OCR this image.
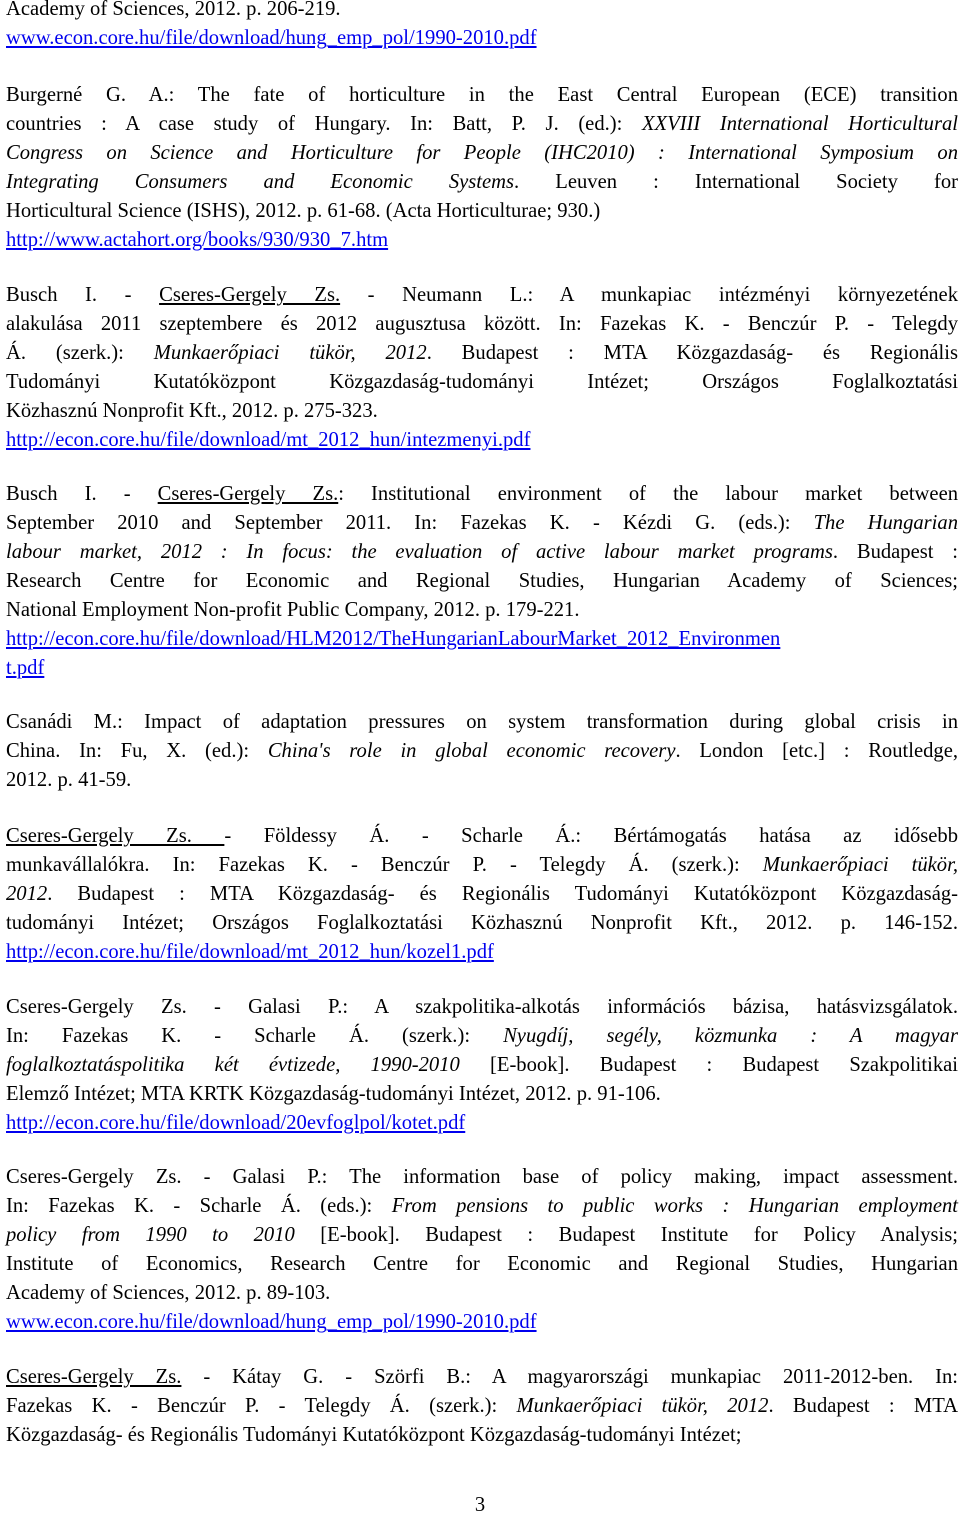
Academy of Sciences, 2012. p. 206-219.
www.econ.core.hu/file/download/hung_emp_pol/1990-2010.pdf
Burgerné G. A.: The fate of horticulture in the East Central European (ECE) transition
countries : A case study of Hungary. In: Batt, P. J. (ed.): XXVIII International Horticultural
Congress on Science and Horticulture for People (IHC2010) : International Symposium on
Integrating Consumers and Economic Systems. Leuven : International Society for
Horticultural Science (ISHS), 2012. p. 61-68. (Acta Horticulturae; 930.)
http://www.actahort.org/books/930/930_7.htm
Busch I. - Cseres-Gergely Zs. - Neumann L.: A munkapiac intézményi környezetének
alakulása 2011 szeptembere és 2012 augusztusa között. In: Fazekas K. - Benczúr P. - Telegdy
Á. (szerk.): Munkaerőpiaci tükör, 2012. Budapest : MTA Közgazdaság- és Regionális
Tudományi Kutatóközpont Közgazdaság-tudományi Intézet; Országos Foglalkoztatási
Közhasznú Nonprofit Kft., 2012. p. 275-323.
http://econ.core.hu/file/download/mt_2012_hun/intezmenyi.pdf
Busch I. - Cseres-Gergely Zs.: Institutional environment of the labour market between
September 2010 and September 2011. In: Fazekas K. - Kézdi G. (eds.): The Hungarian
labour market, 2012 : In focus: the evaluation of active labour market programs. Budapest :
Research Centre for Economic and Regional Studies, Hungarian Academy of Sciences;
National Employment Non-profit Public Company, 2012. p. 179-221.
http://econ.core.hu/file/download/HLM2012/TheHungarianLabourMarket_2012_Environmen
t.pdf
Csanádi M.: Impact of adaptation pressures on system transformation during global crisis in
China. In: Fu, X. (ed.): China's role in global economic recovery. London [etc.] : Routledge,
2012. p. 41-59.
Cseres-Gergely Zs. - Földessy Á. - Scharle Á.: Bértámogatás hatása az idősebb
munkavállalókra. In: Fazekas K. - Benczúr P. - Telegdy Á. (szerk.): Munkaerőpiaci tükör,
2012. Budapest : MTA Közgazdaság- és Regionális Tudományi Kutatóközpont Közgazdaság-
tudományi Intézet; Országos Foglalkoztatási Közhasznú Nonprofit Kft., 2012. p. 146-152.
http://econ.core.hu/file/download/mt_2012_hun/kozel1.pdf
Cseres-Gergely Zs. - Galasi P.: A szakpolitika-alkotás információs bázisa, hatásvizsgálatok.
In: Fazekas K. - Scharle Á. (szerk.): Nyugdíj, segély, közmunka : A magyar
foglalkoztatáspolitika két évtizede, 1990-2010 [E-book]. Budapest : Budapest Szakpolitikai
Elemző Intézet; MTA KRTK Közgazdaság-tudományi Intézet, 2012. p. 91-106.
http://econ.core.hu/file/download/20evfoglpol/kotet.pdf
Cseres-Gergely Zs. - Galasi P.: The information base of policy making, impact assessment.
In: Fazekas K. - Scharle Á. (eds.): From pensions to public works : Hungarian employment
policy from 1990 to 2010 [E-book]. Budapest : Budapest Institute for Policy Analysis;
Institute of Economics, Research Centre for Economic and Regional Studies, Hungarian
Academy of Sciences, 2012. p. 89-103.
www.econ.core.hu/file/download/hung_emp_pol/1990-2010.pdf
Cseres-Gergely Zs. - Kátay G. - Szörfi B.: A magyarországi munkapiac 2011-2012-ben. In:
Fazekas K. - Benczúr P. - Telegdy Á. (szerk.): Munkaerőpiaci tükör, 2012. Budapest : MTA
Közgazdaság- és Regionális Tudományi Kutatóközpont Közgazdaság-tudományi Intézet;
3
